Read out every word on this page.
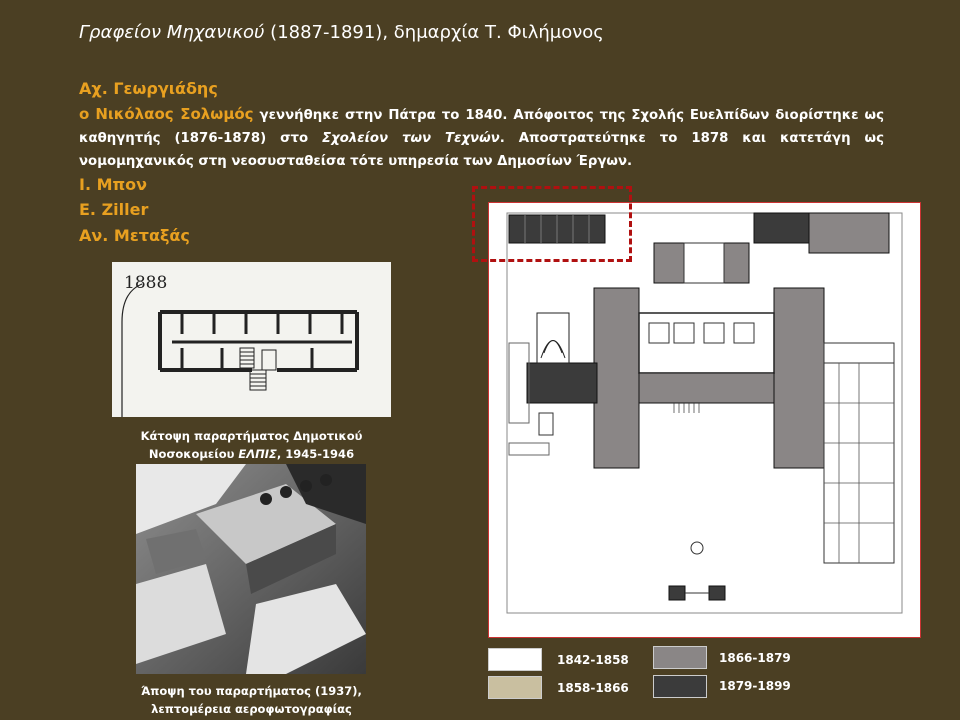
Γραφείον Μηχανικού (1887-1891), δημαρχία Τ. Φιλήμονος
Αχ. Γεωργιάδης
Ι. Μπον
Ε. Ziller
Αν. Μεταξάς
ο Νικόλαος Σολωμός γεννήθηκε στην Πάτρα το 1840. Απόφοιτος της Σχολής Ευελπίδων διορίστηκε ως καθηγητής (1876-1878) στο Σχολείον των Τεχνών. Αποστρατεύτηκε το 1878 και κατετάγη ως νομομηχανικός στη νεοσυσταθείσα τότε υπηρεσία των Δημοσίων Έργων.
1888
Κάτοψη παραρτήματος Δημοτικού
Νοσοκομείου ΕΛΠΙΣ, 1945-1946
Άποψη του παραρτήματος (1937),
λεπτομέρεια αεροφωτογραφίας
1842-1858
1858-1866
1866-1879
1879-1899
